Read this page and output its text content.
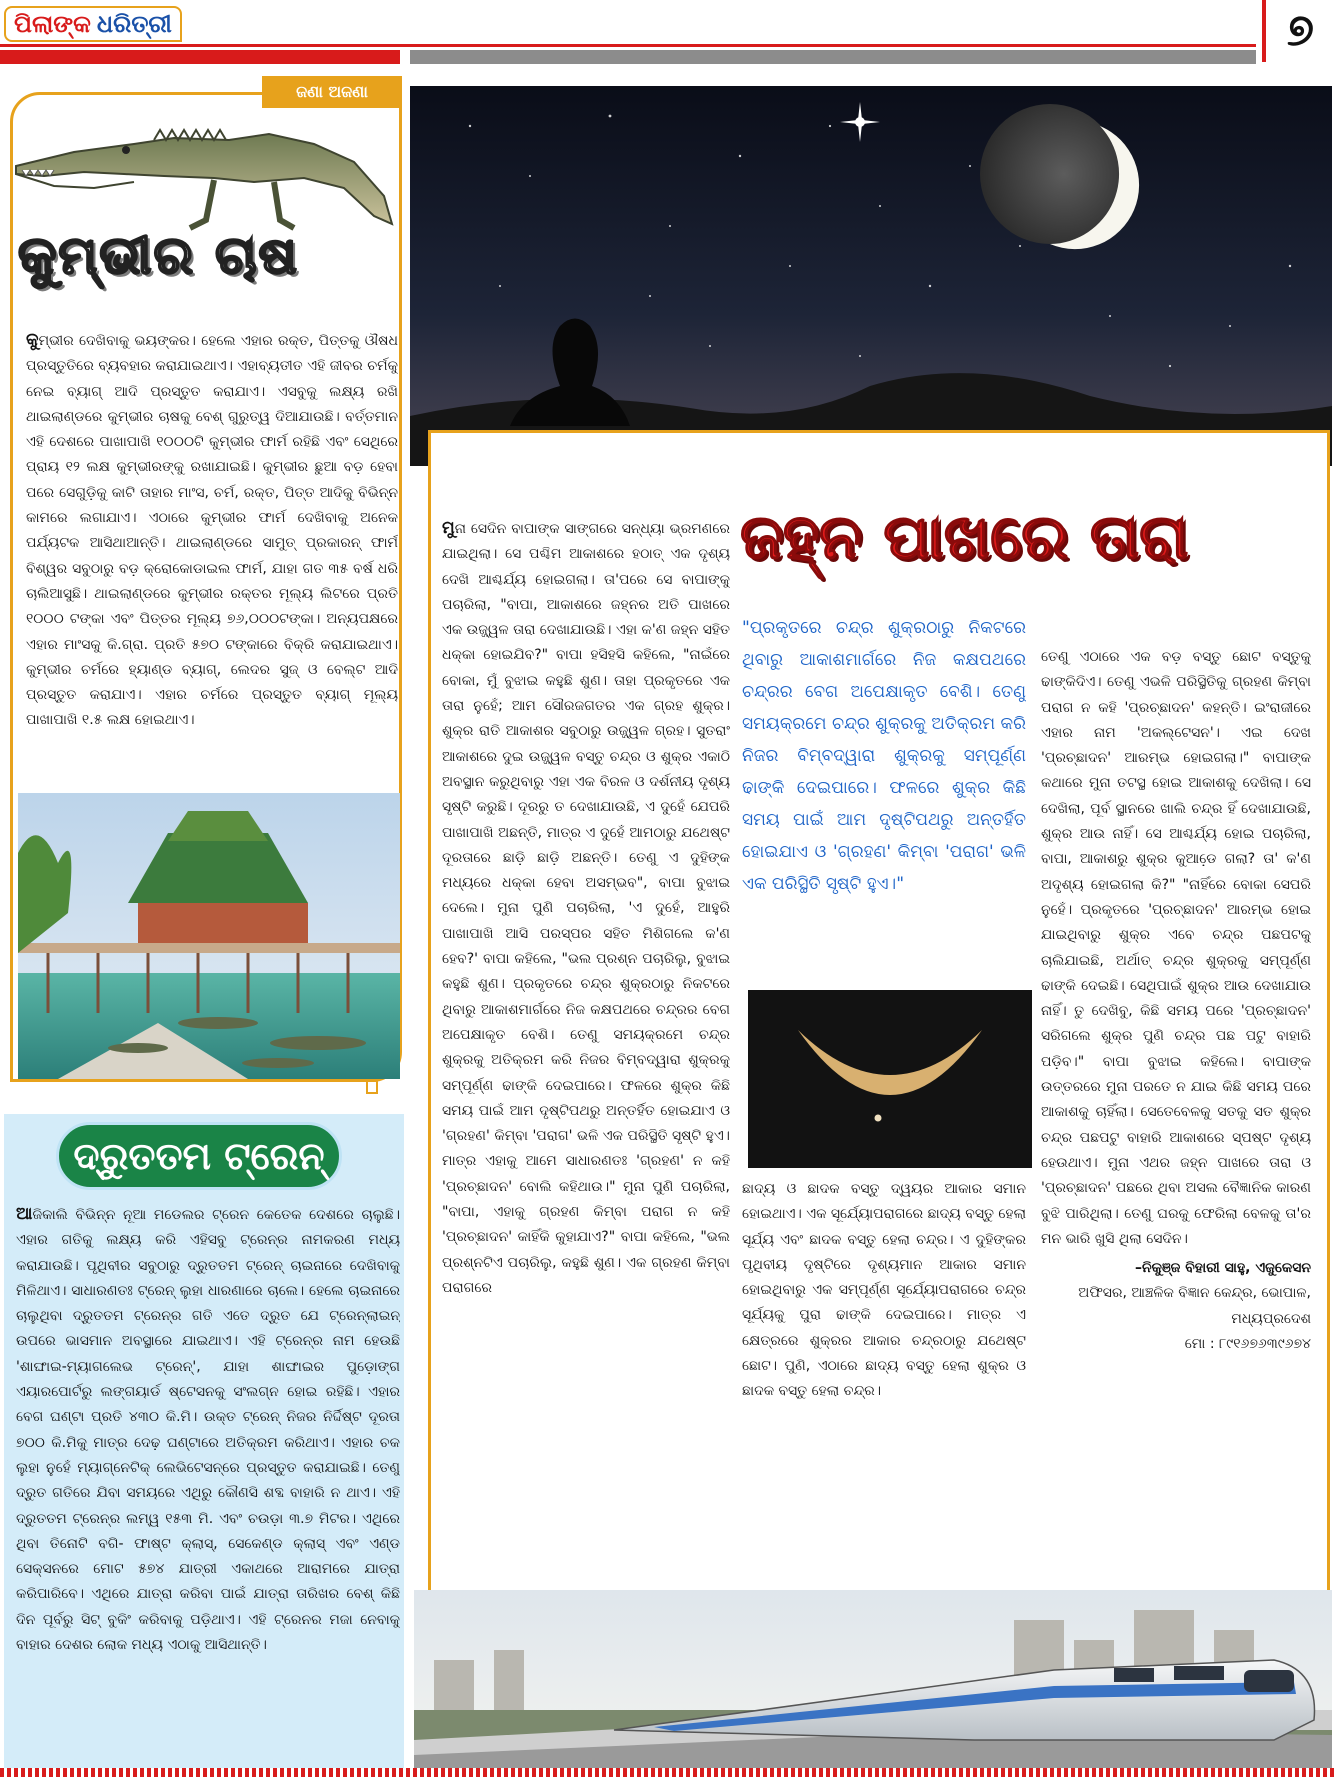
ପିଲାଙ୍କ ଧରିତ୍ରୀ	୭
ଜଣା ଅଜଣା
କୁମ୍ଭୀର ଚାଷ
କୁମ୍ଭୀର ଦେଖିବାକୁ ଭୟଙ୍କର। ହେଲେ ଏହାର ରକ୍ତ, ପିତ୍ତକୁ ଔଷଧ ପ୍ରସ୍ତୁତିରେ ବ୍ୟବହାର କରାଯାଇଥାଏ। ଏହାବ୍ୟତୀତ ଏହି ଜୀବର ଚର୍ମକୁ ନେଇ ବ୍ୟାଗ୍ ଆଦି ପ୍ରସ୍ତୁତ କରାଯାଏ। ଏସବୁକୁ ଲକ୍ଷ୍ୟ ରଖି ଥାଇଲାଣ୍ଡରେ କୁମ୍ଭୀର ଚାଷକୁ ବେଶ୍ ଗୁରୁତ୍ୱ ଦିଆଯାଉଛି। ବର୍ତ୍ତମାନ ଏହି ଦେଶରେ ପାଖାପାଖି ୧୦୦୦ଟି କୁମ୍ଭୀର ଫାର୍ମ ରହିଛି ଏବଂ ସେଥିରେ ପ୍ରାୟ ୧୨ ଲକ୍ଷ କୁମ୍ଭୀରଙ୍କୁ ରଖାଯାଇଛି। କୁମ୍ଭୀର ଛୁଆ ବଡ଼ ହେବା ପରେ ସେଗୁଡ଼ିକୁ କାଟି ତାହାର ମାଂସ, ଚର୍ମ, ରକ୍ତ, ପିତ୍ତ ଆଦିକୁ ବିଭିନ୍ନ କାମରେ ଲଗାଯାଏ। ଏଠାରେ କୁମ୍ଭୀର ଫାର୍ମ ଦେଖିବାକୁ ଅନେକ ପର୍ଯ୍ୟଟକ ଆସିଥାଆନ୍ତି। ଥାଇଲାଣ୍ଡରେ ସାମୁତ୍ ପ୍ରକାରନ୍ ଫାର୍ମ ବିଶ୍ୱର ସବୁଠାରୁ ବଡ଼ କ୍ରୋକୋଡାଇଲ ଫାର୍ମ, ଯାହା ଗତ ୩୫ ବର୍ଷ ଧରି ଚାଲିଆସୁଛି। ଥାଇଲାଣ୍ଡରେ କୁମ୍ଭୀର ରକ୍ତର ମୂଲ୍ୟ ଲିଟରେ ପ୍ରତି ୧୦୦୦ ଟଙ୍କା ଏବଂ ପିତ୍ତର ମୂଲ୍ୟ ୭୬,୦୦୦ଟଙ୍କା। ଅନ୍ୟପକ୍ଷରେ ଏହାର ମାଂସକୁ କି.ଗ୍ରା. ପ୍ରତି ୫୭୦ ଟଙ୍କାରେ ବିକ୍ରି କରାଯାଇଥାଏ। କୁମ୍ଭୀର ଚର୍ମରେ ହ୍ୟାଣ୍ଡ ବ୍ୟାଗ୍, ଲେଦର ସୁଜ୍ ଓ ବେଲ୍ଟ ଆଦି ପ୍ରସ୍ତୁତ କରାଯାଏ। ଏହାର ଚର୍ମରେ ପ୍ରସ୍ତୁତ ବ୍ୟାଗ୍ ମୂଲ୍ୟ ପାଖାପାଖି ୧.୫ ଲକ୍ଷ ହୋଇଥାଏ।
ଦ୍ରୁତତମ ଟ୍ରେନ୍
ଆଜିକାଲି ବିଭିନ୍ନ ନୂଆ ମଡେଲର ଟ୍ରେନ କେତେକ ଦେଶରେ ଚାଲୁଛି। ଏହାର ଗତିକୁ ଲକ୍ଷ୍ୟ କରି ଏହିସବୁ ଟ୍ରେନ୍‌ର ନାମକରଣ ମଧ୍ୟ କରାଯାଉଛି। ପୃଥିବୀର ସବୁଠାରୁ ଦ୍ରୁତତମ ଟ୍ରେନ୍ ଚାଇନାରେ ଦେଖିବାକୁ ମିଳିଥାଏ। ସାଧାରଣତଃ ଟ୍ରେନ୍ ଲୁହା ଧାରଣାରେ ଚାଲେ। ହେଲେ ଚାଇନାରେ ଚାଲୁଥିବା ଦ୍ରୁତତମ ଟ୍ରେନ୍‌ର ଗତି ଏତେ ଦ୍ରୁତ ଯେ ଟ୍ରେନ୍‌ଲାଇନ୍ ଉପରେ ଭାସମାନ ଅବସ୍ଥାରେ ଯାଇଥାଏ। ଏହି ଟ୍ରେନ୍‌ର ନାମ ହେଉଛି 'ଶାଙ୍ଘାଇ-ମ୍ୟାଗଲେଭ ଟ୍ରେନ୍', ଯାହା ଶାଙ୍ଘାଇର ପୁଡ଼ୋଙ୍ଗ ଏୟାରପୋର୍ଟରୁ ଲଙ୍ଗୟାର୍ଡ ଷ୍ଟେସନକୁ ସଂଲଗ୍ନ ହୋଇ ରହିଛି। ଏହାର ବେଗ ଘଣ୍ଟା ପ୍ରତି ୪୩୦ କି.ମି। ଉକ୍ତ ଟ୍ରେନ୍ ନିଜର ନିର୍ଦ୍ଦିଷ୍ଟ ଦୂରତା ୭୦୦ କି.ମିକୁ ମାତ୍ର ଦେଢ଼ ଘଣ୍ଟାରେ ଅତିକ୍ରମ କରିଥାଏ। ଏହାର ଚକ ଲୁହା ନୁହେଁ ମ୍ୟାଗ୍ନେଟିକ୍ ଲେଭିଟେସନ୍‌ରେ ପ୍ରସ୍ତୁତ କରାଯାଇଛି। ତେଣୁ ଦ୍ରୁତ ଗତିରେ ଯିବା ସମୟରେ ଏଥିରୁ କୌଣସି ଶବ୍ଦ ବାହାରି ନ ଥାଏ। ଏହି ଦ୍ରୁତତମ ଟ୍ରେନ୍‌ର ଲମ୍ୱ ୧୫୩ ମି. ଏବଂ ଚଉଡ଼ା ୩.୭ ମିଟର। ଏଥିରେ ଥିବା ତିନୋଟି ବଗି- ଫାଷ୍ଟ କ୍ଲାସ୍, ସେକେଣ୍ଡ କ୍ଲାସ୍ ଏବଂ ଏଣ୍ଡ ସେକ୍ସନରେ ମୋଟ ୫୭୪ ଯାତ୍ରୀ ଏକାଥରେ ଆରାମରେ ଯାତ୍ରା କରିପାରିବେ। ଏଥିରେ ଯାତ୍ରା କରିବା ପାଇଁ ଯାତ୍ରା ତାରିଖର ବେଶ୍ କିଛି ଦିନ ପୂର୍ବରୁ ସିଟ୍ ବୁକିଂ କରିବାକୁ ପଡ଼ିଥାଏ। ଏହି ଟ୍ରେନର ମଜା ନେବାକୁ ବାହାର ଦେଶର ଲୋକ ମଧ୍ୟ ଏଠାକୁ ଆସିଥାନ୍ତି।
ଜହ୍ନ ପାଖରେ ତାରା
ମୁନା ସେଦିନ ବାପାଙ୍କ ସାଙ୍ଗରେ ସନ୍ଧ୍ୟା ଭ୍ରମଣରେ ଯାଇଥିଲା। ସେ ପଶ୍ଚିମ ଆକାଶରେ ହଠାତ୍ ଏକ ଦୃଶ୍ୟ ଦେଖି ଆଶ୍ଚର୍ଯ୍ୟ ହୋଇଗଲା। ତା'ପରେ ସେ ବାପାଙ୍କୁ ପଚାରିଲା, "ବାପା, ଆକାଶରେ ଜହ୍ନର ଅତି ପାଖରେ ଏକ ଉଜ୍ଜ୍ୱଳ ତାରା ଦେଖାଯାଉଛି। ଏହା କ'ଣ ଜହ୍ନ ସହିତ ଧକ୍କା ହୋଇଯିବ?" ବାପା ହସିହସି କହିଲେ, "ନାଇଁରେ ବୋକା, ମୁଁ ବୁଝାଇ କହୁଛି ଶୁଣ। ତାହା ପ୍ରକୃତରେ ଏକ ତାରା ନୁହେଁ; ଆମ ସୌରଜଗତର ଏକ ଗ୍ରହ ଶୁକ୍ର। ଶୁକ୍ର ରାତି ଆକାଶର ସବୁଠାରୁ ଉଜ୍ଜ୍ୱଳ ଗ୍ରହ। ସୁତରାଂ ଆକାଶରେ ଦୁଇ ଉଜ୍ଜ୍ୱଳ ବସ୍ତୁ ଚନ୍ଦ୍ର ଓ ଶୁକ୍ର ଏକାଠି ଅବସ୍ଥାନ କରୁଥିବାରୁ ଏହା ଏକ ବିରଳ ଓ ଦର୍ଶନୀୟ ଦୃଶ୍ୟ ସୃଷ୍ଟି କରୁଛି। ଦୂରରୁ ତ ଦେଖାଯାଉଛି, ଏ ଦୁହେଁ ଯେପରି ପାଖାପାଖି ଅଛନ୍ତି, ମାତ୍ର ଏ ଦୁହେଁ ଆମଠାରୁ ଯଥେଷ୍ଟ ଦୂରତାରେ ଛାଡ଼ି ଛାଡ଼ି ଅଛନ୍ତି। ତେଣୁ ଏ ଦୁହିଙ୍କ ମଧ୍ୟରେ ଧକ୍କା ହେବା ଅସମ୍ଭବ", ବାପା ବୁଝାଇ ଦେଲେ। ମୁନା ପୁଣି ପଚାରିଲା, 'ଏ ଦୁହେଁ, ଆହୁରି ପାଖାପାଖି ଆସି ପରସ୍ପର ସହିତ ମିଶିଗଲେ କ'ଣ ହେବ?' ବାପା କହିଲେ, "ଭଲ ପ୍ରଶ୍ନ ପଚାରିଲୁ, ବୁଝାଇ କହୁଛି ଶୁଣ। ପ୍ରକୃତରେ ଚନ୍ଦ୍ର ଶୁକ୍ରଠାରୁ ନିକଟରେ ଥିବାରୁ ଆକାଶମାର୍ଗରେ ନିଜ କକ୍ଷପଥରେ ଚନ୍ଦ୍ରର ବେଗ ଅପେକ୍ଷାକୃତ ବେଶି। ତେଣୁ ସମୟକ୍ରମେ ଚନ୍ଦ୍ର ଶୁକ୍ରକୁ ଅତିକ୍ରମ କରି ନିଜର ବିମ୍ବଦ୍ୱାରା ଶୁକ୍ରକୁ ସମ୍ପୂର୍ଣ୍ଣ ଢାଙ୍କି ଦେଇପାରେ। ଫଳରେ ଶୁକ୍ର କିଛି ସମୟ ପାଇଁ ଆମ ଦୃଷ୍ଟିପଥରୁ ଅନ୍ତର୍ହିତ ହୋଇଯାଏ ଓ 'ଗ୍ରହଣ' କିମ୍ବା 'ପରାଗ' ଭଳି ଏକ ପରିସ୍ଥିତି ସୃଷ୍ଟି ହୁଏ। ମାତ୍ର ଏହାକୁ ଆମେ ସାଧାରଣତଃ 'ଗ୍ରହଣ' ନ କହି 'ପ୍ରଚ୍ଛାଦନ' ବୋଲି କହିଥାଉ।" ମୁନା ପୁଣି ପଚାରିଲା, "ବାପା, ଏହାକୁ ଗ୍ରହଣ କିମ୍ବା ପରାଗ ନ କହି 'ପ୍ରଚ୍ଛାଦନ' କାହିଁକି କୁହାଯାଏ?" ବାପା କହିଲେ, "ଭଲ ପ୍ରଶ୍ନଟିଏ ପଚାରିଲୁ, କହୁଛି ଶୁଣ। ଏକ ଗ୍ରହଣ କିମ୍ବା ପରାଗରେ
"ପ୍ରକୃତରେ ଚନ୍ଦ୍ର ଶୁକ୍ରଠାରୁ ନିକଟରେ ଥିବାରୁ ଆକାଶମାର୍ଗରେ ନିଜ କକ୍ଷପଥରେ ଚନ୍ଦ୍ରର ବେଗ ଅପେକ୍ଷାକୃତ ବେଶି। ତେଣୁ ସମୟକ୍ରମେ ଚନ୍ଦ୍ର ଶୁକ୍ରକୁ ଅତିକ୍ରମ କରି ନିଜର ବିମ୍ବଦ୍ୱାରା ଶୁକ୍ରକୁ ସମ୍ପୂର୍ଣ୍ଣ ଢାଙ୍କି ଦେଇପାରେ। ଫଳରେ ଶୁକ୍ର କିଛି ସମୟ ପାଇଁ ଆମ ଦୃଷ୍ଟିପଥରୁ ଅନ୍ତର୍ହିତ ହୋଇଯାଏ ଓ 'ଗ୍ରହଣ' କିମ୍ବା 'ପରାଗ' ଭଳି ଏକ ପରିସ୍ଥିତି ସୃଷ୍ଟି ହୁଏ।"
ଛାଦ୍ୟ ଓ ଛାଦକ ବସ୍ତୁ ଦ୍ୱୟର ଆକାର ସମାନ ହୋଇଥାଏ। ଏକ ସୂର୍ଯ୍ୟୋପରାଗରେ ଛାଦ୍ୟ ବସ୍ତୁ ହେଲା ସୂର୍ଯ୍ୟ ଏବଂ ଛାଦକ ବସ୍ତୁ ହେଲା ଚନ୍ଦ୍ର। ଏ ଦୁହିଙ୍କର ପୃଥିବୀୟ ଦୃଷ୍ଟିରେ ଦୃଶ୍ୟମାନ ଆକାର ସମାନ ହୋଇଥିବାରୁ ଏକ ସମ୍ପୂର୍ଣ୍ଣ ସୂର୍ଯ୍ୟୋପରାଗରେ ଚନ୍ଦ୍ର ସୂର୍ଯ୍ୟକୁ ପୁରା ଢାଙ୍କି ଦେଇପାରେ। ମାତ୍ର ଏ କ୍ଷେତ୍ରରେ ଶୁକ୍ରର ଆକାର ଚନ୍ଦ୍ରଠାରୁ ଯଥେଷ୍ଟ ଛୋଟ। ପୁଣି, ଏଠାରେ ଛାଦ୍ୟ ବସ୍ତୁ ହେଲା ଶୁକ୍ର ଓ ଛାଦକ ବସ୍ତୁ ହେଲା ଚନ୍ଦ୍ର।
ତେଣୁ ଏଠାରେ ଏକ ବଡ଼ ବସ୍ତୁ ଛୋଟ ବସ୍ତୁକୁ ଢାଙ୍କିଦିଏ। ତେଣୁ ଏଭଳି ପରିସ୍ଥିତିକୁ ଗ୍ରହଣ କିମ୍ବା ପରାଗ ନ କହି 'ପ୍ରଚ୍ଛାଦନ' କହନ୍ତି। ଇଂରାଜୀରେ ଏହାର ନାମ 'ଅକଲ୍ଟେସନ'। ଏଇ ଦେଖ 'ପ୍ରଚ୍ଛାଦନ' ଆରମ୍ଭ ହୋଇଗଲା।" ବାପାଙ୍କ କଥାରେ ମୁନା ତଟସ୍ଥ ହୋଇ ଆକାଶକୁ ଦେଖିଲା। ସେ ଦେଖିଲା, ପୂର୍ବ ସ୍ଥାନରେ ଖାଲି ଚନ୍ଦ୍ର ହିଁ ଦେଖାଯାଉଛି, ଶୁକ୍ର ଆଉ ନାହିଁ। ସେ ଆଶ୍ଚର୍ଯ୍ୟ ହୋଇ ପଚାରିଲା, ବାପା, ଆକାଶରୁ ଶୁକ୍ର କୁଆଡେ଼ ଗଲା? ତା' କ'ଣ ଅଦୃଶ୍ୟ ହୋଇଗଲା କି?" "ନାହିଁରେ ବୋକା ସେପରି ନୁହେଁ। ପ୍ରକୃତରେ 'ପ୍ରଚ୍ଛାଦନ' ଆରମ୍ଭ ହୋଇ ଯାଇଥିବାରୁ ଶୁକ୍ର ଏବେ ଚନ୍ଦ୍ର ପଛପଟକୁ ଚାଲିଯାଇଛି, ଅର୍ଥାତ୍ ଚନ୍ଦ୍ର ଶୁକ୍ରକୁ ସମ୍ପୂର୍ଣ୍ଣ ଢାଙ୍କି ଦେଇଛି। ସେଥିପାଇଁ ଶୁକ୍ର ଆଉ ଦେଖାଯାଉ ନାହିଁ। ତୁ ଦେଖିବୁ, କିଛି ସମୟ ପରେ 'ପ୍ରଚ୍ଛାଦନ' ସରିଗଲେ ଶୁକ୍ର ପୁଣି ଚନ୍ଦ୍ର ପଛ ପଟୁ ବାହାରି ପଡ଼ିବ।" ବାପା ବୁଝାଇ କହିଲେ। ବାପାଙ୍କ ଉତ୍ତରରେ ମୁନା ପରତେ ନ ଯାଇ କିଛି ସମୟ ପରେ ଆକାଶକୁ ଚାହିଁଲା। ସେତେବେଳକୁ ସତକୁ ସତ ଶୁକ୍ର ଚନ୍ଦ୍ର ପଛପଟୁ ବାହାରି ଆକାଶରେ ସ୍ପଷ୍ଟ ଦୃଶ୍ୟ ହେଉଥାଏ। ମୁନା ଏଥର ଜହ୍ନ ପାଖରେ ତାରା ଓ 'ପ୍ରଚ୍ଛାଦନ' ପଛରେ ଥିବା ଅସଲ ବୈଜ୍ଞାନିକ କାରଣ ବୁଝି ପାରିଥିଲା। ତେଣୁ ଘରକୁ ଫେରିଲା ବେଳକୁ ତା'ର ମନ ଭାରି ଖୁସି ଥିଲା ସେଦିନ।
–ନିକୁଞ୍ଜ ବିହାରୀ ସାହୁ, ଏଜୁକେସନ
ଅଫିସର, ଆଞ୍ଚଳିକ ବିଜ୍ଞାନ କେନ୍ଦ୍ର, ଭୋପାଳ, ମଧ୍ୟପ୍ରଦେଶ
ମୋ : ୮୯୧୬୭୬୩୯୬୭୪
